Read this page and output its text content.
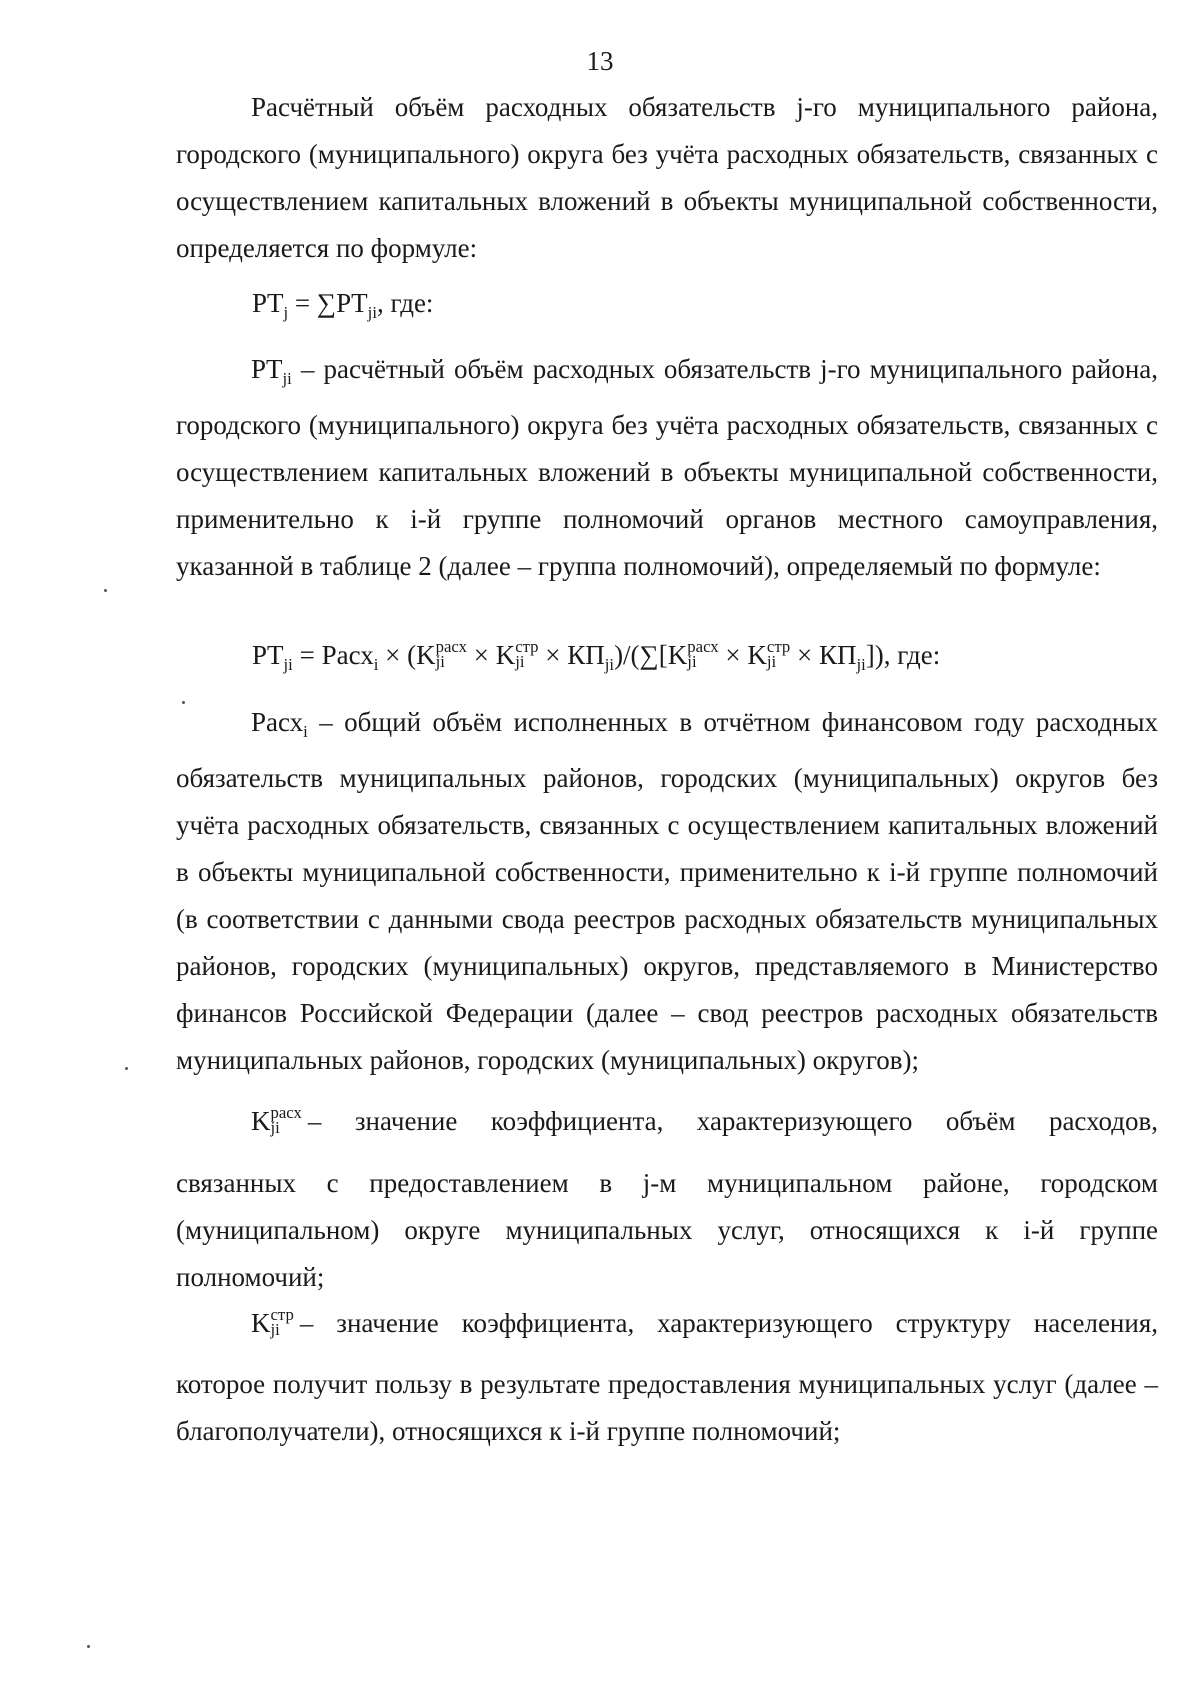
13

Расчётный объём расходных обязательств j-го муниципального района, городского (муниципального) округа без учёта расходных обязательств, связанных с осуществлением капитальных вложений в объекты муниципальной собственности, определяется по формуле:

$PT_j = \sum PT_{ji}$, где:

$PT_{ji}$ – расчётный объём расходных обязательств j-го муниципального района, городского (муниципального) округа без учёта расходных обязательств, связанных с осуществлением капитальных вложений в объекты муниципальной собственности, применительно к i-й группе полномочий органов местного самоуправления, указанной в таблице 2 (далее – группа полномочий), определяемый по формуле:

$PT_{ji}$ = Расх$_i$ × (K расх
ji × K стр
ji × $КП_{ji})/(\sum[K$ расх
ji × K стр
ji × $КП_{ji}$]), где:

Расх$_i$ – общий объём исполненных в отчётном финансовом году расходных обязательств муниципальных районов, городских (муниципальных) округов без учёта расходных обязательств, связанных с осуществлением капитальных вложений в объекты муниципальной собственности, применительно к i-й группе полномочий (в соответствии с данными свода реестров расходных обязательств муниципальных районов, городских (муниципальных) округов, представляемого в Министерство финансов Российской Федерации (далее – свод реестров расходных обязательств муниципальных районов, городских (муниципальных) округов);

K расх
ji	– значение коэффициента, характеризующего объём расходов,

связанных с предоставлением в j-м муниципальном районе, городском (муниципальном) округе муниципальных услуг, относящихся к i-й группе полномочий;

K стр
ji – значение коэффициента, характеризующего структуру населения,

которое получит пользу в результате предоставления муниципальных услуг (далее – благополучатели), относящихся к i-й группе полномочий;
